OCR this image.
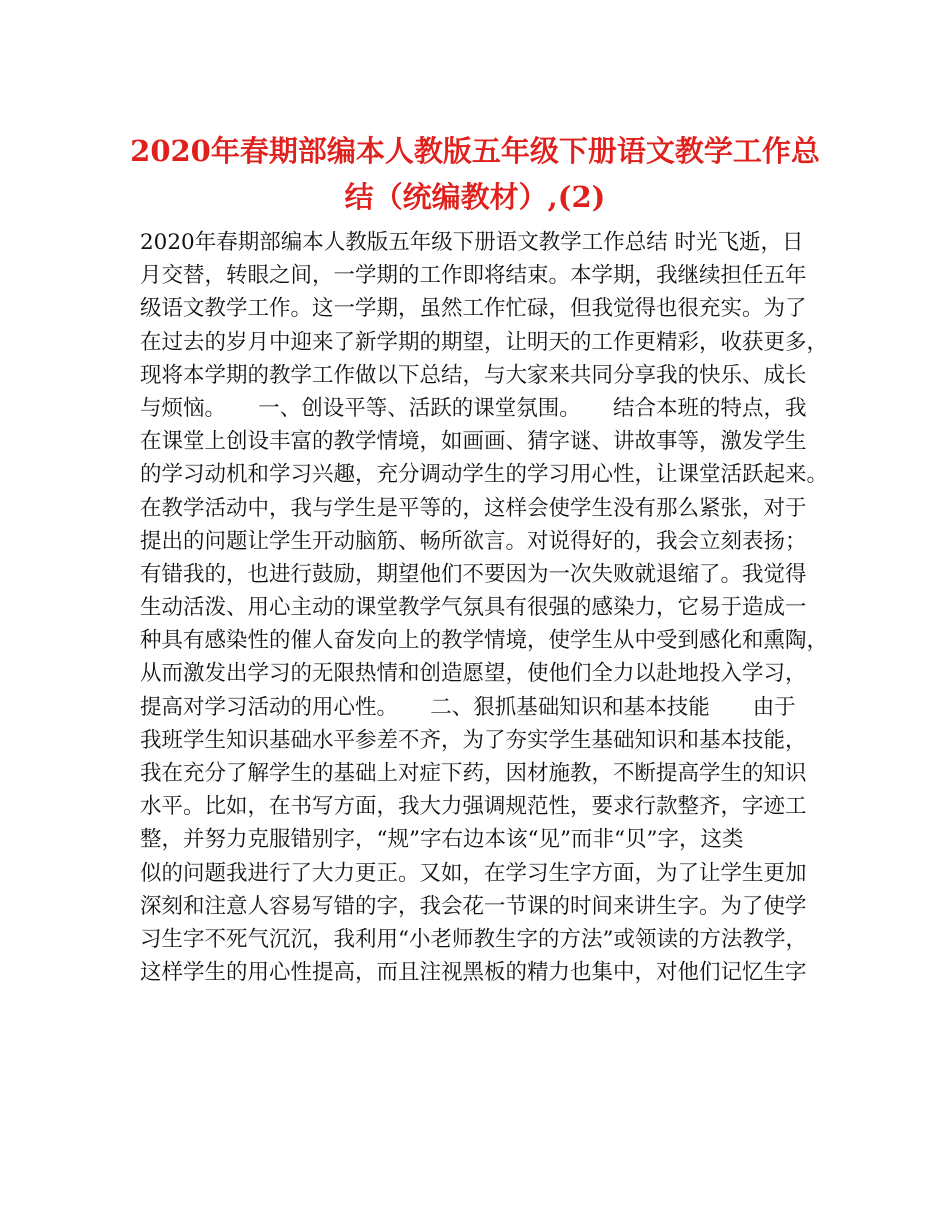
2020年春期部编本人教版五年级下册语文教学工作总
结（统编教材）,(2)
2020年春期部编本人教版五年级下册语文教学工作总结 时光飞逝，日
月交替，转眼之间，一学期的工作即将结束。本学期，我继续担任五年
级语文教学工作。这一学期，虽然工作忙碌，但我觉得也很充实。为了
在过去的岁月中迎来了新学期的期望，让明天的工作更精彩，收获更多，
现将本学期的教学工作做以下总结，与大家来共同分享我的快乐、成长
与烦恼。　　一、创设平等、活跃的课堂氛围。　　结合本班的特点，我
在课堂上创设丰富的教学情境，如画画、猜字谜、讲故事等，激发学生
的学习动机和学习兴趣，充分调动学生的学习用心性，让课堂活跃起来。
在教学活动中，我与学生是平等的，这样会使学生没有那么紧张，对于
提出的问题让学生开动脑筋、畅所欲言。对说得好的，我会立刻表扬；
有错我的，也进行鼓励，期望他们不要因为一次失败就退缩了。我觉得
生动活泼、用心主动的课堂教学气氛具有很强的感染力，它易于造成一
种具有感染性的催人奋发向上的教学情境，使学生从中受到感化和熏陶，
从而激发出学习的无限热情和创造愿望，使他们全力以赴地投入学习，
提高对学习活动的用心性。　　二、狠抓基础知识和基本技能　　由于
我班学生知识基础水平参差不齐，为了夯实学生基础知识和基本技能，
我在充分了解学生的基础上对症下药，因材施教，不断提高学生的知识
水平。比如，在书写方面，我大力强调规范性，要求行款整齐，字迹工
整，并努力克服错别字，“规”字右边本该“见”而非“贝”字，这类
似的问题我进行了大力更正。又如，在学习生字方面，为了让学生更加
深刻和注意人容易写错的字，我会花一节课的时间来讲生字。为了使学
习生字不死气沉沉，我利用“小老师教生字的方法”或领读的方法教学，
这样学生的用心性提高，而且注视黑板的精力也集中，对他们记忆生字
